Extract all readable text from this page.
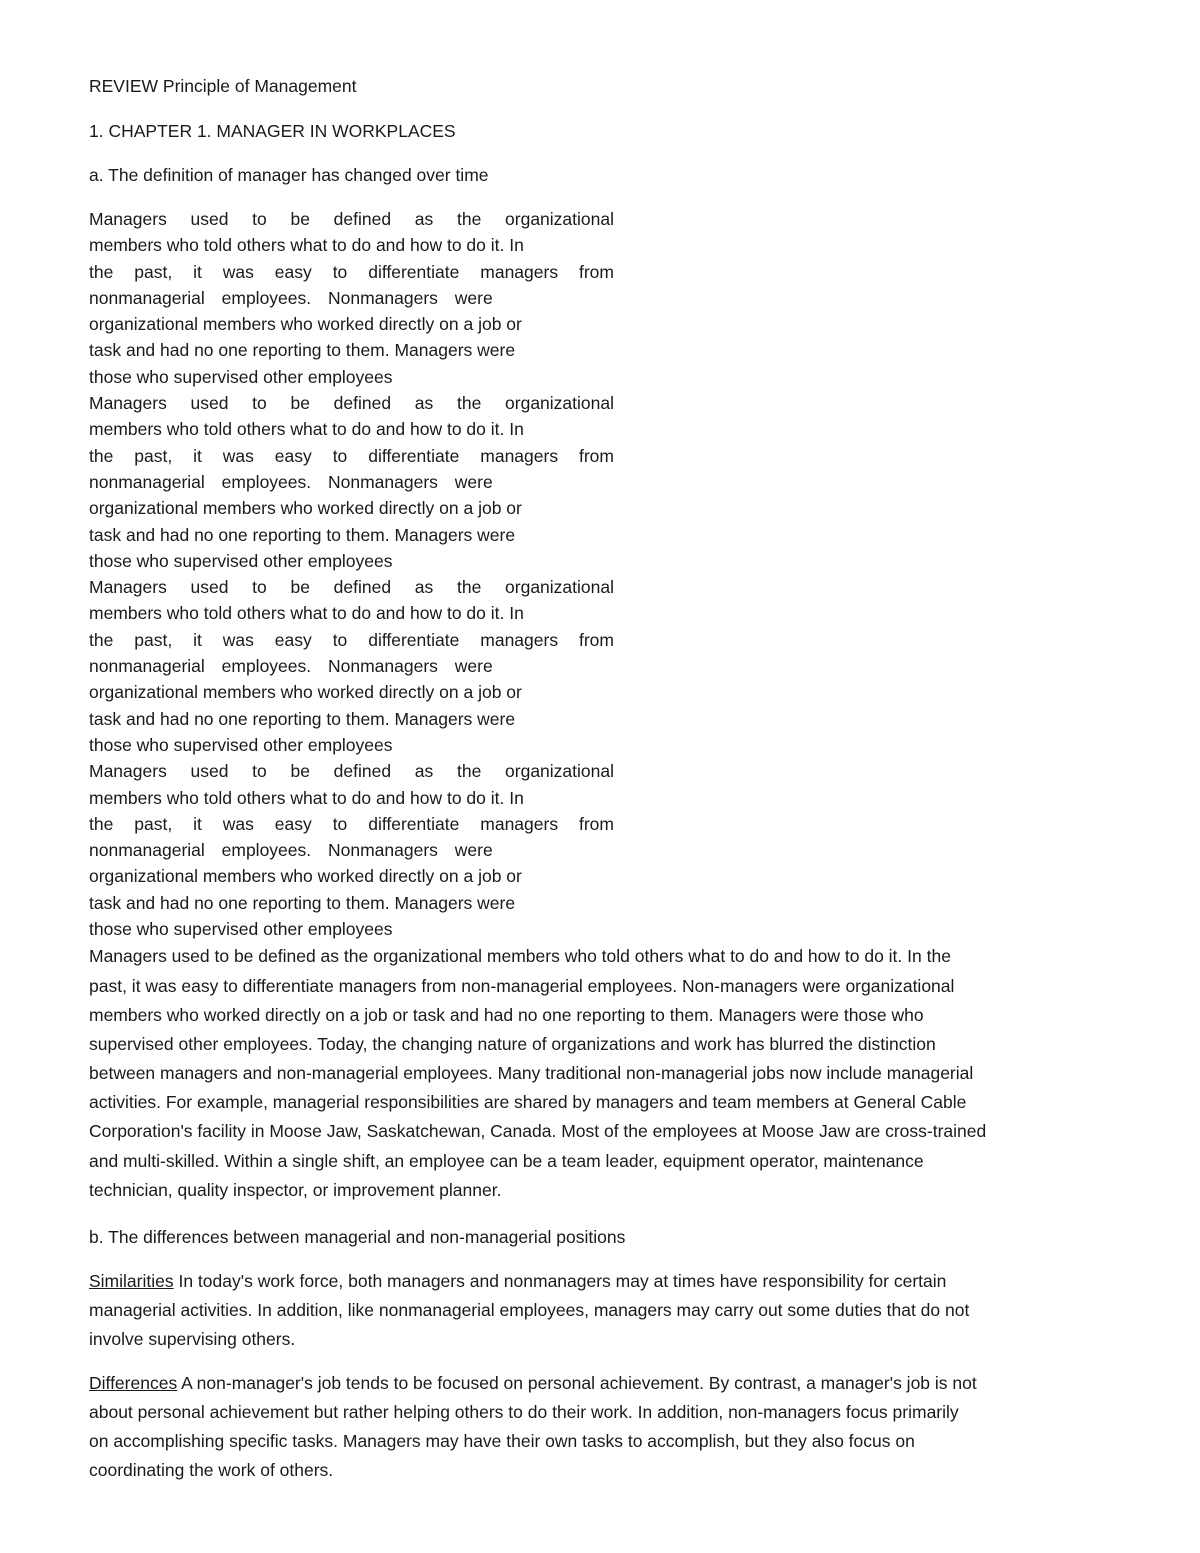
REVIEW Principle of Management

1. CHAPTER 1. MANAGER IN WORKPLACES

a. The definition of manager has changed over time

Managers used to be defined as the organizational

members who told others what to do and how to do it. In

the past, it was easy to differentiate managers from

nonmanagerial employees. Nonmanagers were

organizational members who worked directly on a job or

task and had no one reporting to them. Managers were

those who supervised other employees

Managers used to be defined as the organizational

members who told others what to do and how to do it. In

the past, it was easy to differentiate managers from

nonmanagerial employees. Nonmanagers were

organizational members who worked directly on a job or

task and had no one reporting to them. Managers were

those who supervised other employees

Managers used to be defined as the organizational

members who told others what to do and how to do it. In

the past, it was easy to differentiate managers from

nonmanagerial employees. Nonmanagers were

organizational members who worked directly on a job or

task and had no one reporting to them. Managers were

those who supervised other employees

Managers used to be defined as the organizational

members who told others what to do and how to do it. In

the past, it was easy to differentiate managers from

nonmanagerial employees. Nonmanagers were

organizational members who worked directly on a job or

task and had no one reporting to them. Managers were

those who supervised other employees

Managers used to be defined as the organizational members who told others what to do and how to do it. In the
past, it was easy to differentiate managers from non-managerial employees. Non-managers were organizational
members who worked directly on a job or task and had no one reporting to them. Managers were those who
supervised other employees. Today, the changing nature of organizations and work has blurred the distinction
between managers and non-managerial employees. Many traditional non-managerial jobs now include managerial
activities. For example, managerial responsibilities are shared by managers and team members at General Cable
Corporation's facility in Moose Jaw, Saskatchewan, Canada. Most of the employees at Moose Jaw are cross-trained
and multi-skilled. Within a single shift, an employee can be a team leader, equipment operator, maintenance
technician, quality inspector, or improvement planner.

b. The differences between managerial and non-managerial positions

Similarities In today's work force, both managers and nonmanagers may at times have responsibility for certain
managerial activities. In addition, like nonmanagerial employees, managers may carry out some duties that do not
involve supervising others.
Differences A non-manager's job tends to be focused on personal achievement. By contrast, a manager's job is not
about personal achievement but rather helping others to do their work. In addition, non-managers focus primarily
on accomplishing specific tasks. Managers may have their own tasks to accomplish, but they also focus on
coordinating the work of others.
